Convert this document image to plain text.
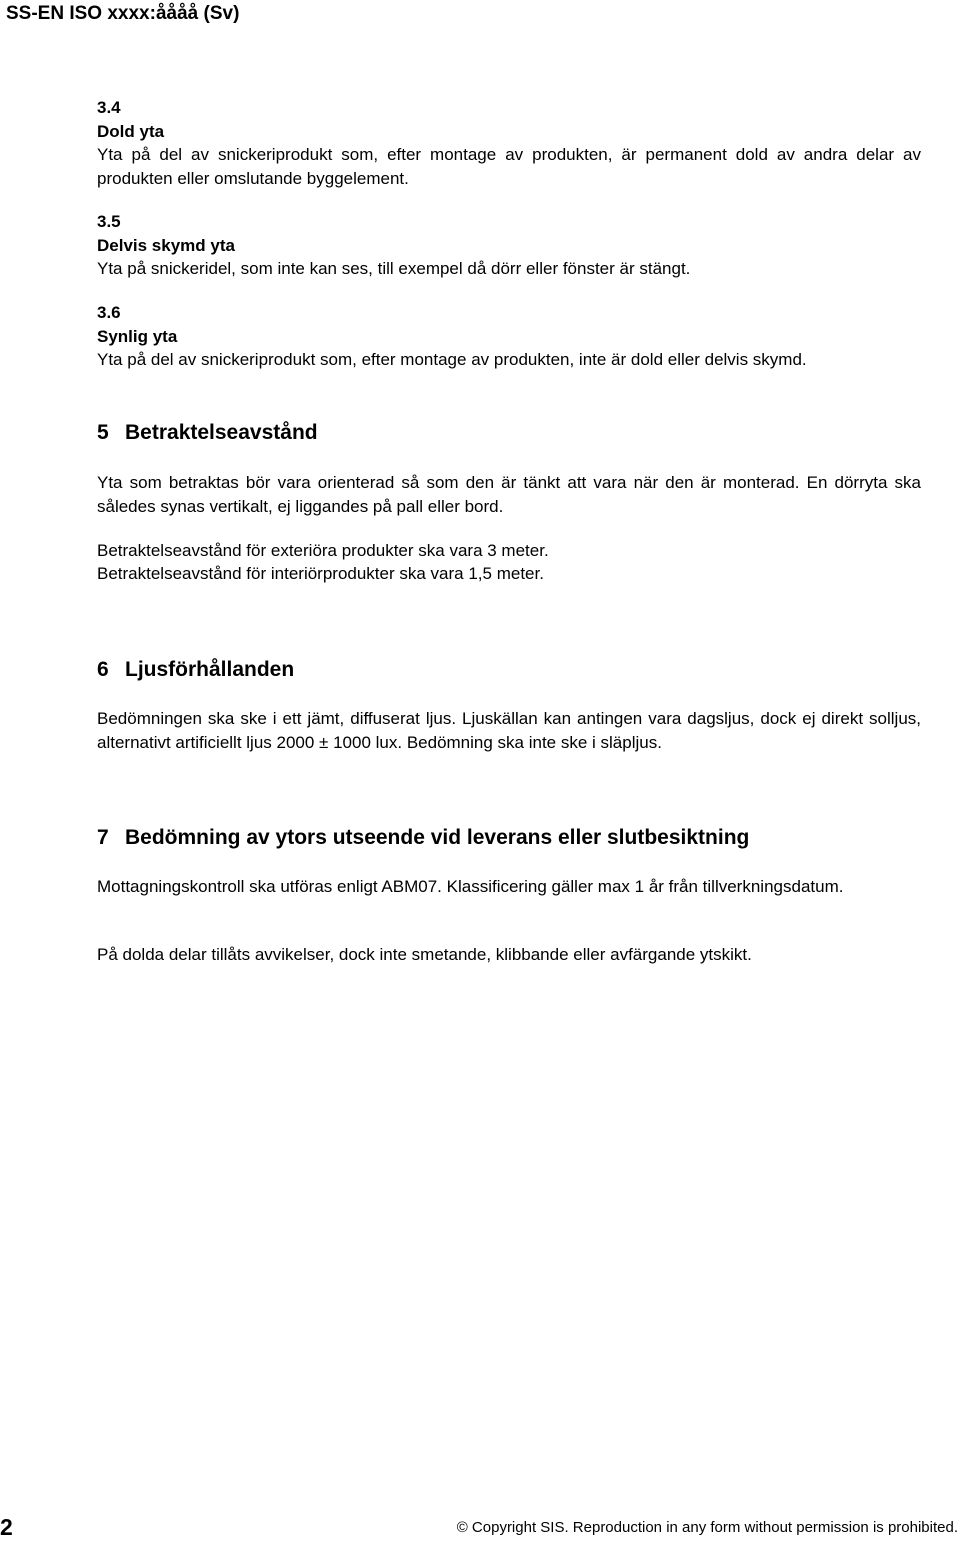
SS-EN ISO xxxx:åååå (Sv)
3.4
Dold yta
Yta på del av snickeriprodukt som, efter montage av produkten, är permanent dold av andra delar av produkten eller omslutande byggelement.
3.5
Delvis skymd yta
Yta på snickeridel, som inte kan ses, till exempel då dörr eller fönster är stängt.
3.6
Synlig yta
Yta på del av snickeriprodukt som, efter montage av produkten, inte är dold eller delvis skymd.
5 Betraktelseavstånd
Yta som betraktas bör vara orienterad så som den är tänkt att vara när den är monterad. En dörryta ska således synas vertikalt, ej liggandes på pall eller bord.
Betraktelseavstånd för exteriöra produkter ska vara 3 meter.
Betraktelseavstånd för interiörprodukter ska vara 1,5 meter.
6 Ljusförhållanden
Bedömningen ska ske i ett jämt, diffuserat ljus. Ljuskällan kan antingen vara dagsljus, dock ej direkt solljus, alternativt artificiellt ljus 2000 ± 1000 lux. Bedömning ska inte ske i släpljus.
7 Bedömning av ytors utseende vid leverans eller slutbesiktning
Mottagningskontroll ska utföras enligt ABM07. Klassificering gäller max 1 år från tillverkningsdatum.
På dolda delar tillåts avvikelser, dock inte smetande, klibbande eller avfärgande ytskikt.
2	© Copyright SIS. Reproduction in any form without permission is prohibited.
